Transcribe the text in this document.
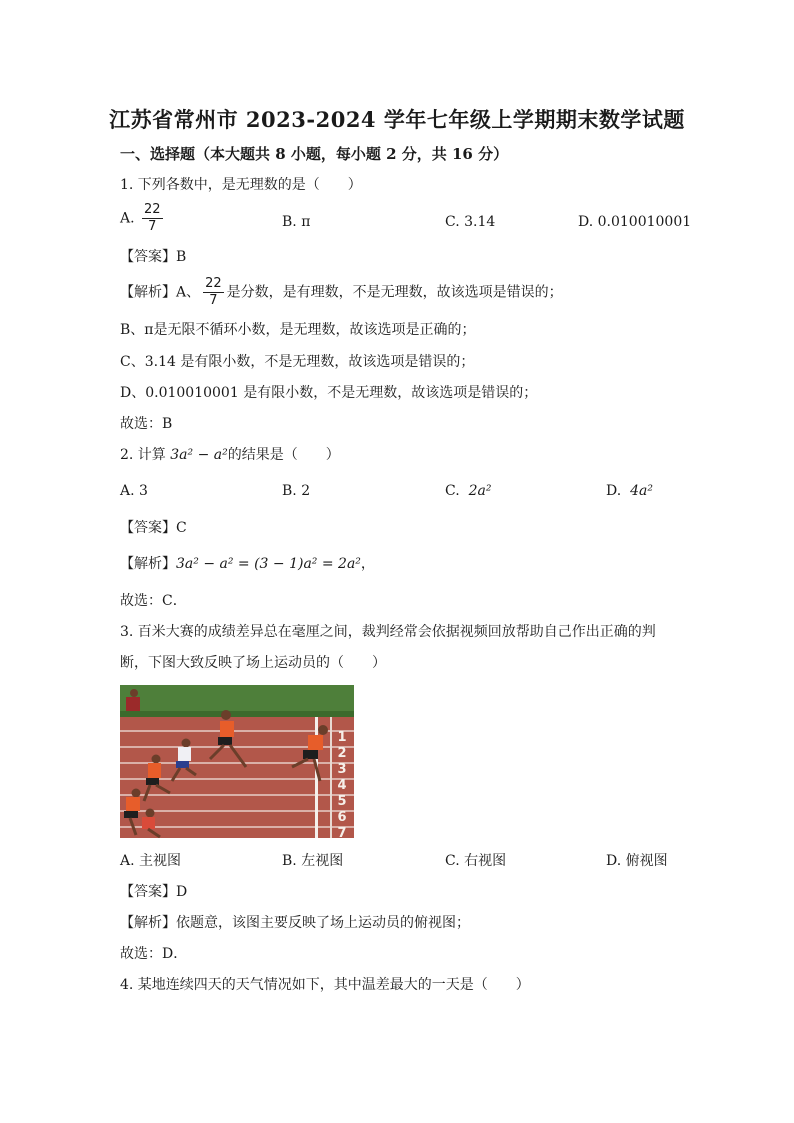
江苏省常州市 2023-2024 学年七年级上学期期末数学试题
一、选择题（本大题共 8 小题，每小题 2 分，共 16 分）
1. 下列各数中，是无理数的是（　　）
A. $\frac{22}{7}$	B. π	C. 3.14	D. 0.010010001
【答案】B
【解析】A、 $\frac{22}{7}$ 是分数，是有理数，不是无理数，故该选项是错误的；
B、π是无限不循环小数，是无理数，故该选项是正确的；
C、3.14 是有限小数，不是无理数，故该选项是错误的；
D、0.010010001 是有限小数，不是无理数，故该选项是错误的；
故选：B
2. 计算 3a² − a²的结果是（　　）
A. 3	B. 2	C. 2a²	D. 4a²
【答案】C
【解析】3a² − a² = (3 − 1)a² = 2a²，
故选：C．
3. 百米大赛的成绩差异总在毫厘之间，裁判经常会依据视频回放帮助自己作出正确的判
断，下图大致反映了场上运动员的（　　）
1
2
3
4
5
6
7
A. 主视图	B. 左视图	C. 右视图	D. 俯视图
【答案】D
【解析】依题意，该图主要反映了场上运动员的俯视图；
故选：D．
4. 某地连续四天的天气情况如下，其中温差最大的一天是（　　）
